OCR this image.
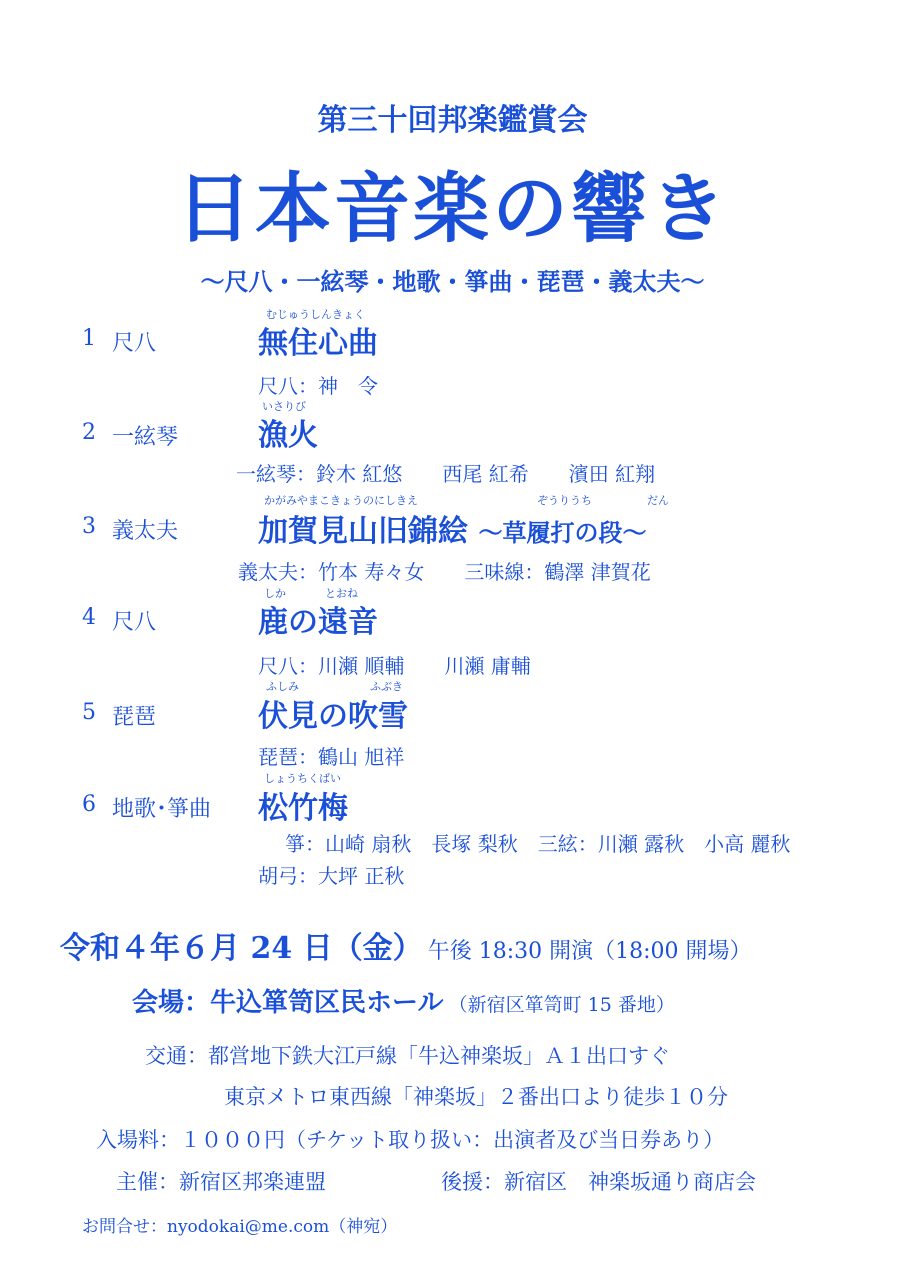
第三十回邦楽鑑賞会
日本音楽の響き
～尺八・一絃琴・地歌・箏曲・琵琶・義太夫～
1 尺八
むじゅうしんきょく
無住心曲
尺八：神　令
2 一絃琴
いさりび
漁火
一絃琴：鈴木 紅悠　　西尾 紅希　　濱田 紅翔
3 義太夫
かがみやまこきょうのにしきえ	ぞうりうち	だん
加賀見山旧錦絵 ～草履打の段～
義太夫：竹本 寿々女　　三味線：鶴澤 津賀花
4 尺八
しか	とおね
鹿の遠音
尺八：川瀬 順輔　　川瀬 庸輔
5 琵琶
ふしみ	ふぶき
伏見の吹雪
琵琶：鶴山 旭祥
6 地歌･箏曲
しょうちくばい
松竹梅
箏：山崎 扇秋　長塚 梨秋　三絃：川瀬 露秋　小高 麗秋
胡弓：大坪 正秋
令和４年６月 24 日（金） 午後 18:30 開演（18:00 開場）
会場：牛込箪笥区民ホール （新宿区箪笥町 15 番地）
交通：都営地下鉄大江戸線「牛込神楽坂」Ａ１出口すぐ
東京メトロ東西線「神楽坂」２番出口より徒歩１０分
入場料：１０００円（チケット取り扱い：出演者及び当日券あり）
主催：新宿区邦楽連盟	後援：新宿区　神楽坂通り商店会
お問合せ：nyodokai@me.com（神宛）
